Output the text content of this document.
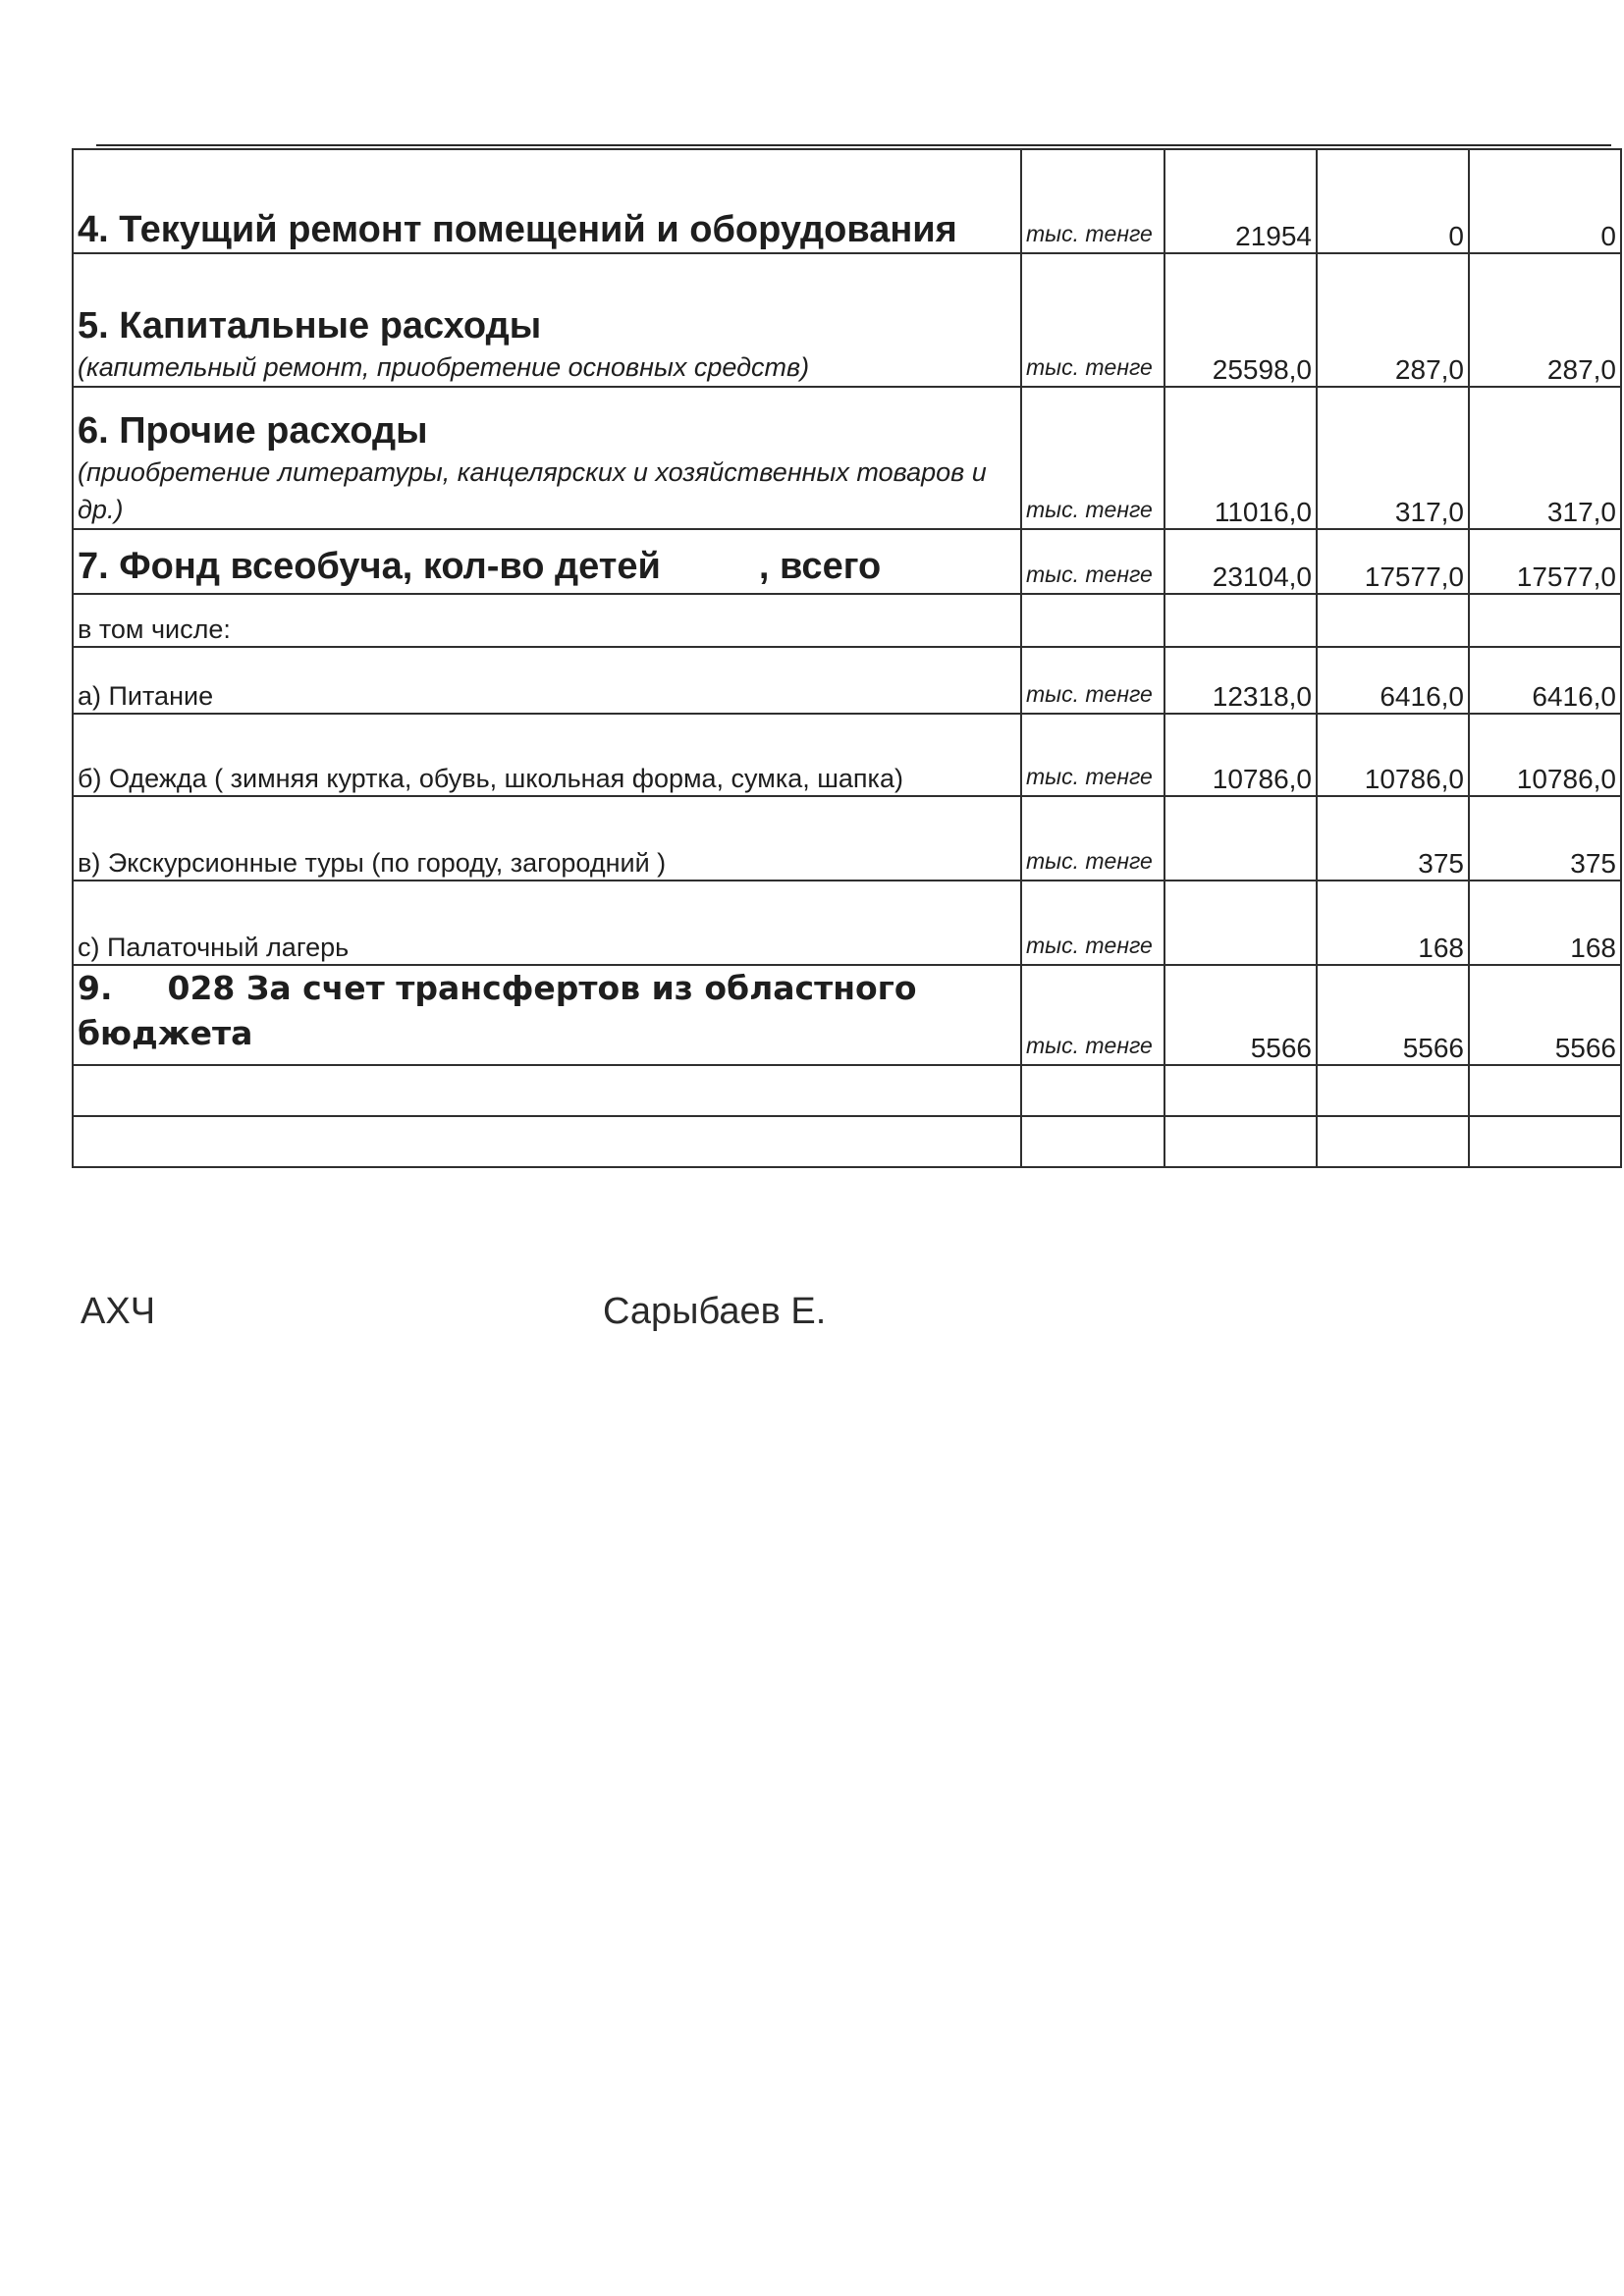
4. Текущий ремонт помещений и оборудования	тыс. тенге	21954	0	0

5. Капитальные расходы
(капительный ремонт, приобретение основных средств)	тыс. тенге	25598,0	287,0	287,0

6. Прочие расходы
(приобретение литературы, канцелярских и хозяйственных товаров и др.)	тыс. тенге	11016,0	317,0	317,0
7. Фонд всеобуча, кол-во детей , всего	тыс. тенге	23104,0	17577,0	17577,0
в том числе:				
а) Питание	тыс. тенге	12318,0	6416,0	6416,0
б) Одежда ( зимняя куртка, обувь, школьная форма, сумка, шапка)	тыс. тенге	10786,0	10786,0	10786,0
в) Экскурсионные туры (по городу, загородний )	тыс. тенге		375	375
с) Палаточный лагерь	тыс. тенге		168	168
9. 028 За счет трансфертов из областного бюджета	тыс. тенге	5566	5566	5566

АХЧ	Сарыбаев Е.
